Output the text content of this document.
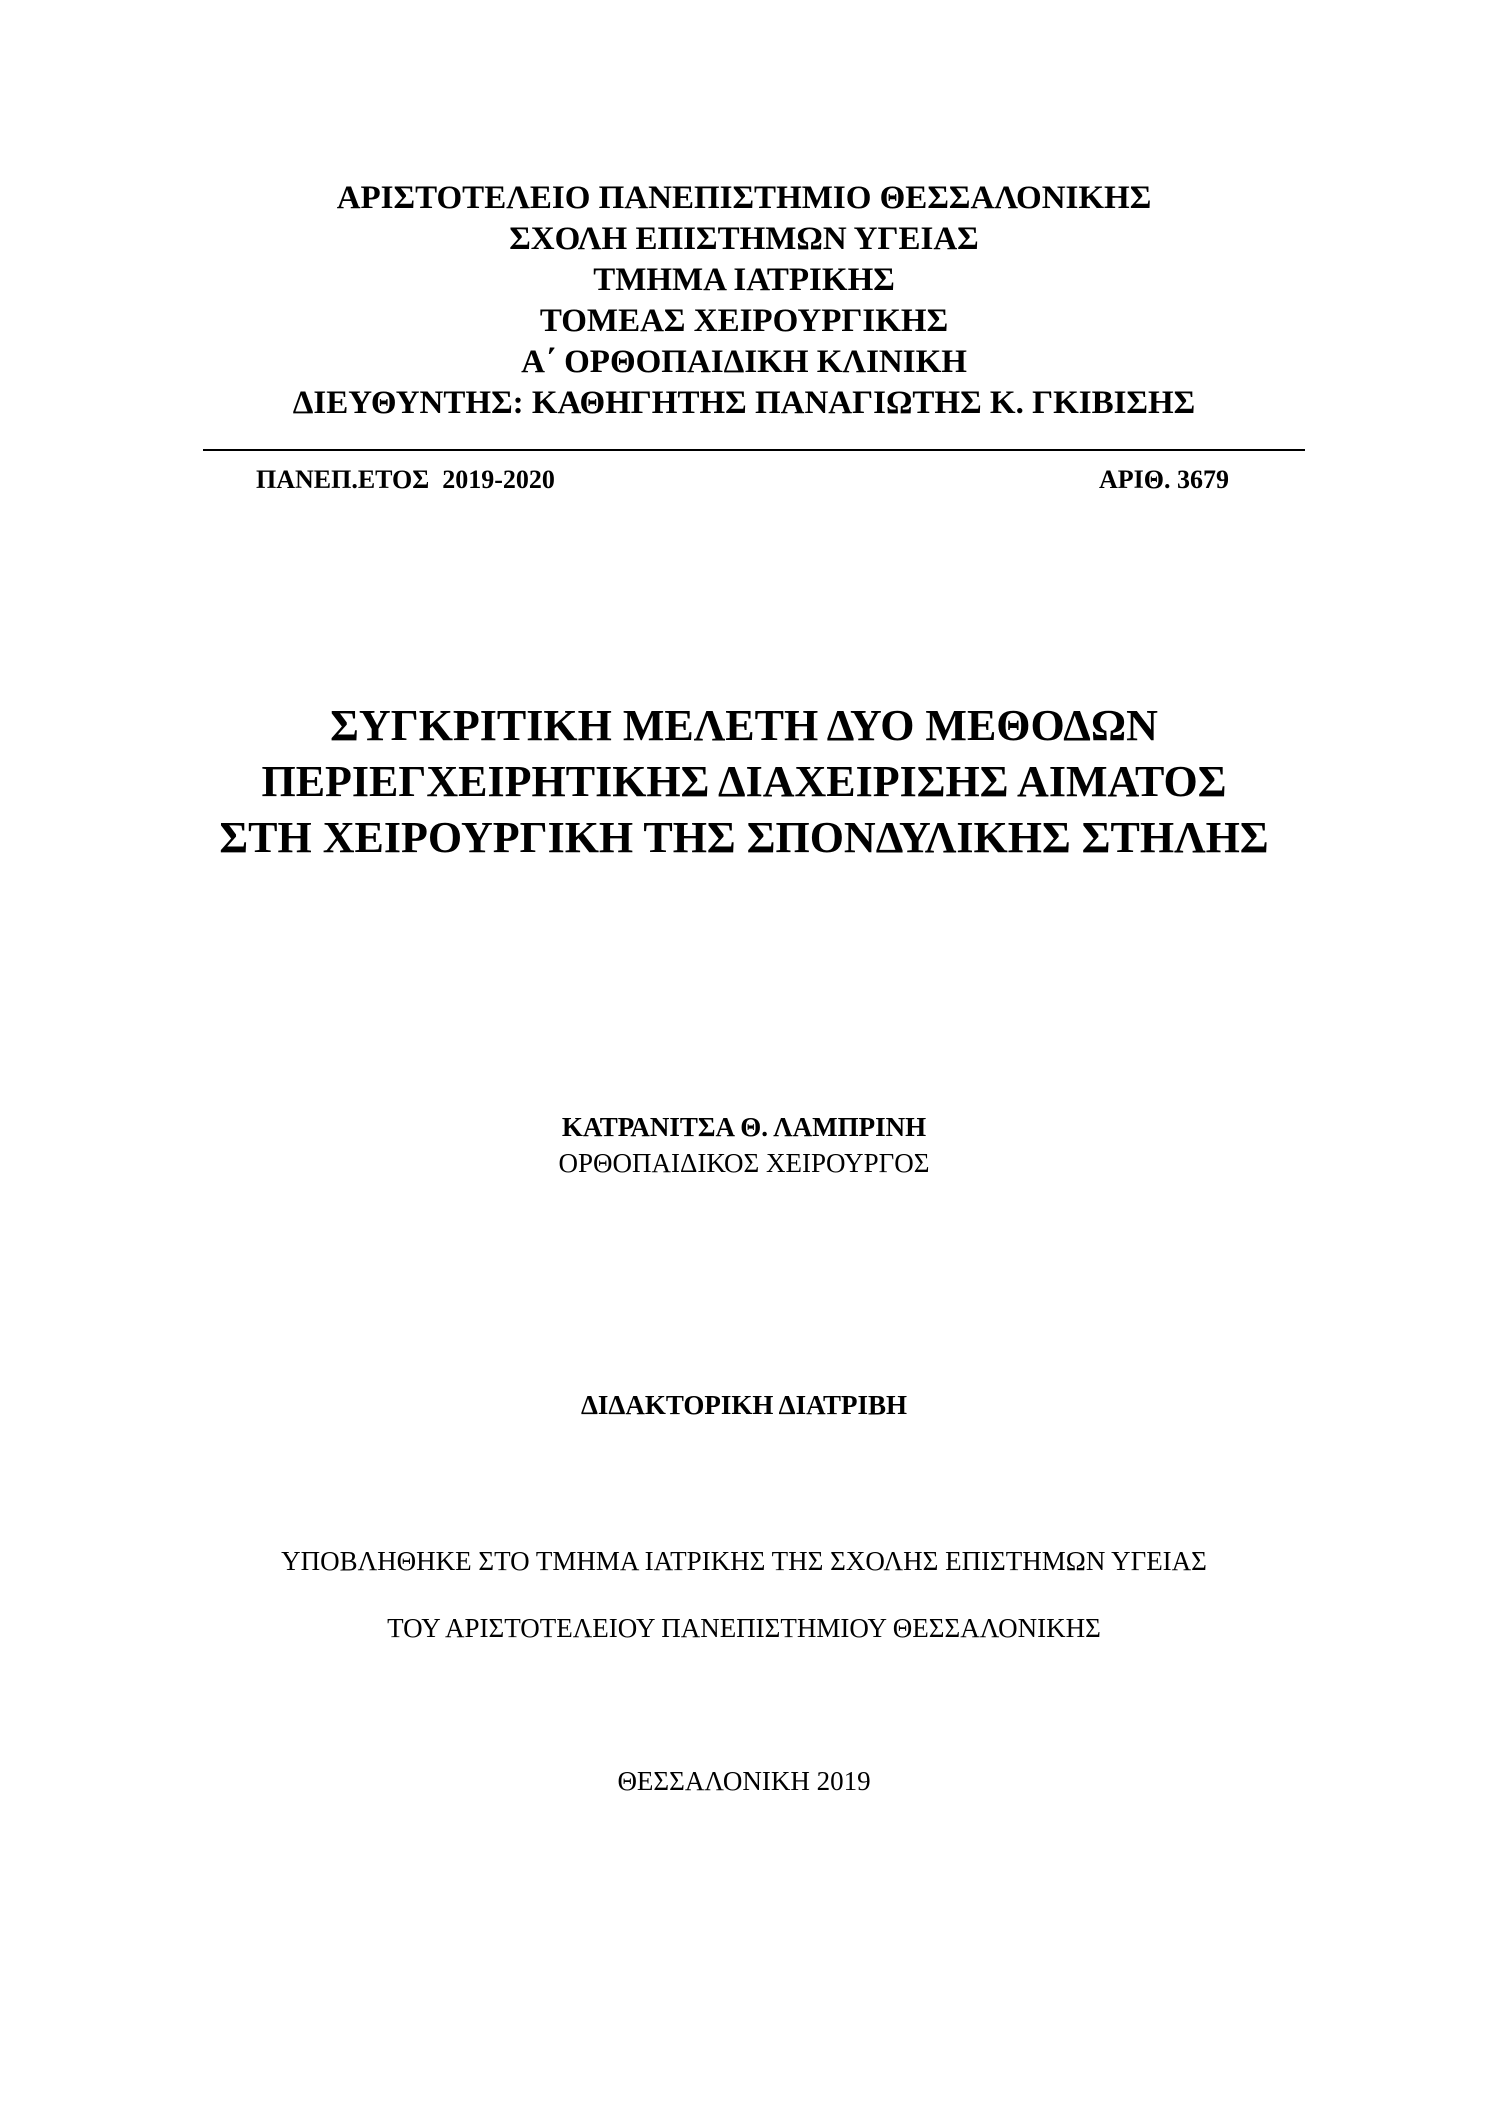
ΑΡΙΣΤΟΤΕΛΕΙΟ ΠΑΝΕΠΙΣΤΗΜΙΟ ΘΕΣΣΑΛΟΝΙΚΗΣ
ΣΧΟΛΗ ΕΠΙΣΤΗΜΩΝ ΥΓΕΙΑΣ
ΤΜΗΜΑ ΙΑΤΡΙΚΗΣ
ΤΟΜΕΑΣ ΧΕΙΡΟΥΡΓΙΚΗΣ
Α΄ ΟΡΘΟΠΑΙΔΙΚΗ ΚΛΙΝΙΚΗ
ΔΙΕΥΘΥΝΤΗΣ: ΚΑΘΗΓΗΤΗΣ ΠΑΝΑΓΙΩΤΗΣ Κ. ΓΚΙΒΙΣΗΣ
ΠΑΝΕΠ.ΕΤΟΣ  2019-2020	ΑΡΙΘ. 3679
ΣΥΓΚΡΙΤΙΚΗ ΜΕΛΕΤΗ ΔΥΟ ΜΕΘΟΔΩΝ
ΠΕΡΙΕΓΧΕΙΡΗΤΙΚΗΣ ΔΙΑΧΕΙΡΙΣΗΣ ΑΙΜΑΤΟΣ
ΣΤΗ ΧΕΙΡΟΥΡΓΙΚΗ ΤΗΣ ΣΠΟΝΔΥΛΙΚΗΣ ΣΤΗΛΗΣ
ΚΑΤΡΑΝΙΤΣΑ Θ. ΛΑΜΠΡΙΝΗ
ΟΡΘΟΠΑΙΔΙΚΟΣ ΧΕΙΡΟΥΡΓΟΣ
ΔΙΔΑΚΤΟΡΙΚΗ ΔΙΑΤΡΙΒΗ
ΥΠΟΒΛΗΘΗΚΕ ΣΤΟ ΤΜΗΜΑ ΙΑΤΡΙΚΗΣ ΤΗΣ ΣΧΟΛΗΣ ΕΠΙΣΤΗΜΩΝ ΥΓΕΙΑΣ
ΤΟΥ ΑΡΙΣΤΟΤΕΛΕΙΟΥ ΠΑΝΕΠΙΣΤΗΜΙΟΥ ΘΕΣΣΑΛΟΝΙΚΗΣ
ΘΕΣΣΑΛΟΝΙΚΗ 2019
